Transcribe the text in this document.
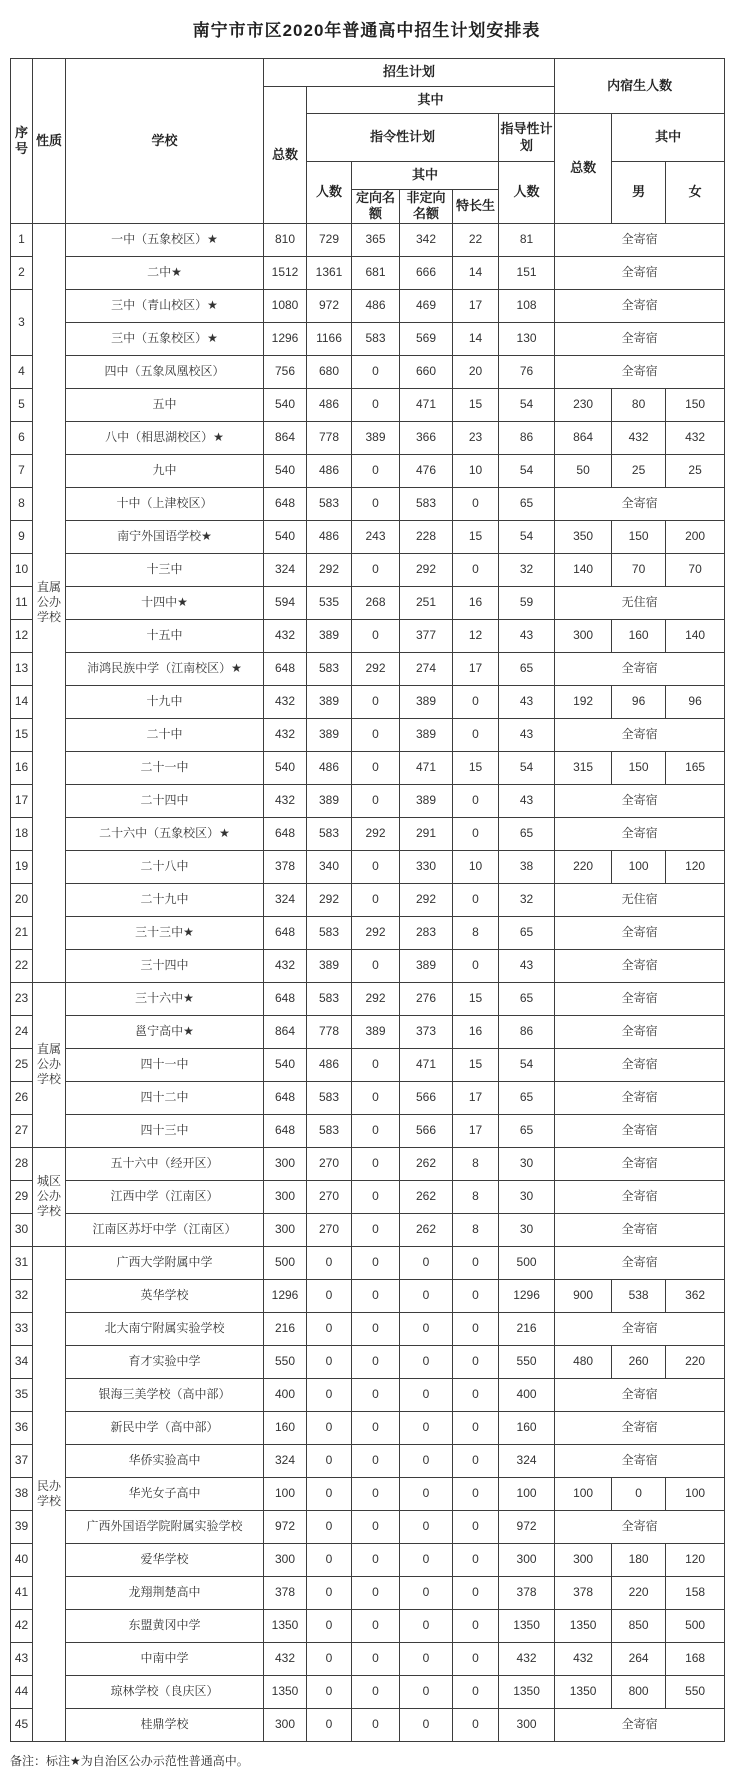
南宁市市区2020年普通高中招生计划安排表
序号	性质	学校	招生计划						内宿生人数		
			总数	其中							
				指令性计划				指导性计划	总数	其中	
				人数	其中			人数		男	女
					定向名额	非定向名额	特长生				
1	直属公办学校	一中（五象校区）★	810	729	365	342	22	81	全寄宿		
2		二中★	1512	1361	681	666	14	151	全寄宿		
3		三中（青山校区）★	1080	972	486	469	17	108	全寄宿		
		三中（五象校区）★	1296	1166	583	569	14	130	全寄宿		
4		四中（五象凤凰校区）	756	680	0	660	20	76	全寄宿		
5		五中	540	486	0	471	15	54	230	80	150
6		八中（相思湖校区）★	864	778	389	366	23	86	864	432	432
7		九中	540	486	0	476	10	54	50	25	25
8		十中（上津校区）	648	583	0	583	0	65	全寄宿		
9		南宁外国语学校★	540	486	243	228	15	54	350	150	200
10		十三中	324	292	0	292	0	32	140	70	70
11		十四中★	594	535	268	251	16	59	无住宿		
12		十五中	432	389	0	377	12	43	300	160	140
13		沛鸿民族中学（江南校区）★	648	583	292	274	17	65	全寄宿		
14		十九中	432	389	0	389	0	43	192	96	96
15		二十中	432	389	0	389	0	43	全寄宿		
16		二十一中	540	486	0	471	15	54	315	150	165
17		二十四中	432	389	0	389	0	43	全寄宿		
18		二十六中（五象校区）★	648	583	292	291	0	65	全寄宿		
19		二十八中	378	340	0	330	10	38	220	100	120
20		二十九中	324	292	0	292	0	32	无住宿		
21		三十三中★	648	583	292	283	8	65	全寄宿		
22		三十四中	432	389	0	389	0	43	全寄宿		
23	直属公办学校	三十六中★	648	583	292	276	15	65	全寄宿		
24		邕宁高中★	864	778	389	373	16	86	全寄宿		
25		四十一中	540	486	0	471	15	54	全寄宿		
26		四十二中	648	583	0	566	17	65	全寄宿		
27		四十三中	648	583	0	566	17	65	全寄宿		
28	城区公办学校	五十六中（经开区）	300	270	0	262	8	30	全寄宿		
29		江西中学（江南区）	300	270	0	262	8	30	全寄宿		
30		江南区苏圩中学（江南区）	300	270	0	262	8	30	全寄宿		
31	民办学校	广西大学附属中学	500	0	0	0	0	500	全寄宿		
32		英华学校	1296	0	0	0	0	1296	900	538	362
33		北大南宁附属实验学校	216	0	0	0	0	216	全寄宿		
34		育才实验中学	550	0	0	0	0	550	480	260	220
35		银海三美学校（高中部）	400	0	0	0	0	400	全寄宿		
36		新民中学（高中部）	160	0	0	0	0	160	全寄宿		
37		华侨实验高中	324	0	0	0	0	324	全寄宿		
38		华光女子高中	100	0	0	0	0	100	100	0	100
39		广西外国语学院附属实验学校	972	0	0	0	0	972	全寄宿		
40		爱华学校	300	0	0	0	0	300	300	180	120
41		龙翔荆楚高中	378	0	0	0	0	378	378	220	158
42		东盟黄冈中学	1350	0	0	0	0	1350	1350	850	500
43		中南中学	432	0	0	0	0	432	432	264	168
44		琼林学校（良庆区）	1350	0	0	0	0	1350	1350	800	550
45		桂鼎学校	300	0	0	0	0	300	全寄宿		
备注：标注★为自治区公办示范性普通高中。
